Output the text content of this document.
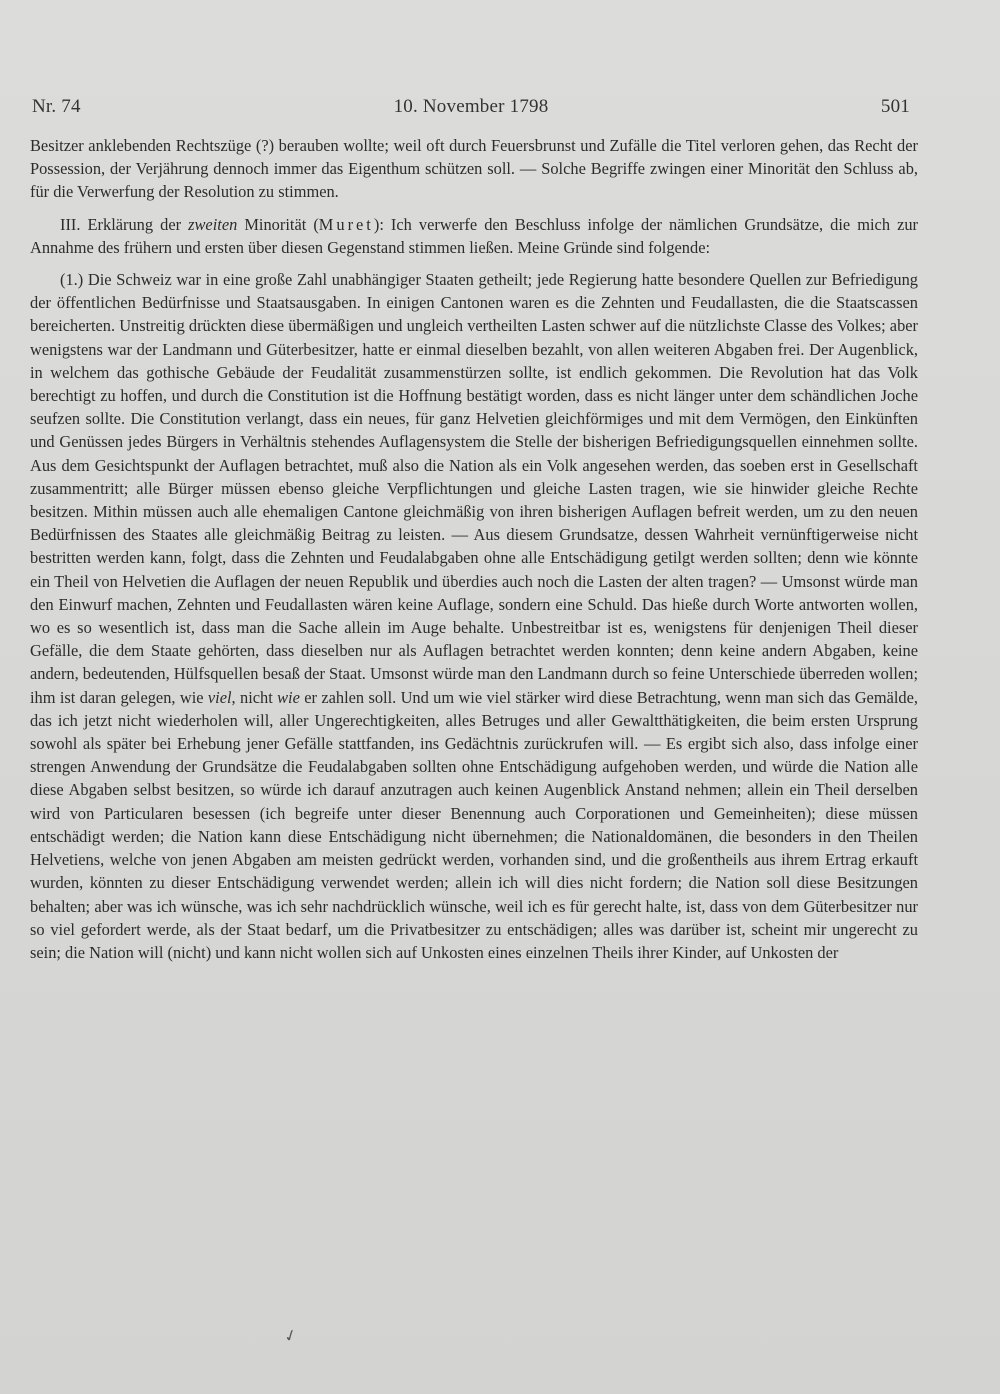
Nr. 74	10. November 1798	501

Besitzer anklebenden Rechtszüge (?) berauben wollte; weil oft durch Feuersbrunst und Zufälle die Titel verloren gehen, das Recht der Possession, der Verjährung dennoch immer das Eigenthum schützen soll. — Solche Begriffe zwingen einer Minorität den Schluss ab, für die Verwerfung der Resolution zu stimmen.

III. Erklärung der zweiten Minorität (Muret): Ich verwerfe den Beschluss infolge der nämlichen Grundsätze, die mich zur Annahme des frühern und ersten über diesen Gegenstand stimmen ließen. Meine Gründe sind folgende:

(1.) Die Schweiz war in eine große Zahl unabhängiger Staaten getheilt; jede Regierung hatte besondere Quellen zur Befriedigung der öffentlichen Bedürfnisse und Staatsausgaben. In einigen Cantonen waren es die Zehnten und Feudallasten, die die Staatscassen bereicherten. Unstreitig drückten diese übermäßigen und ungleich vertheilten Lasten schwer auf die nützlichste Classe des Volkes; aber wenigstens war der Landmann und Güterbesitzer, hatte er einmal dieselben bezahlt, von allen weiteren Abgaben frei. Der Augenblick, in welchem das gothische Gebäude der Feudalität zusammenstürzen sollte, ist endlich gekommen. Die Revolution hat das Volk berechtigt zu hoffen, und durch die Constitution ist die Hoffnung bestätigt worden, dass es nicht länger unter dem schändlichen Joche seufzen sollte. Die Constitution verlangt, dass ein neues, für ganz Helvetien gleichförmiges und mit dem Vermögen, den Einkünften und Genüssen jedes Bürgers in Verhältnis stehendes Auflagensystem die Stelle der bisherigen Befriedigungsquellen einnehmen sollte. Aus dem Gesichtspunkt der Auflagen betrachtet, muß also die Nation als ein Volk angesehen werden, das soeben erst in Gesellschaft zusammentritt; alle Bürger müssen ebenso gleiche Verpflichtungen und gleiche Lasten tragen, wie sie hinwider gleiche Rechte besitzen. Mithin müssen auch alle ehemaligen Cantone gleichmäßig von ihren bisherigen Auflagen befreit werden, um zu den neuen Bedürfnissen des Staates alle gleichmäßig Beitrag zu leisten. — Aus diesem Grundsatze, dessen Wahrheit vernünftigerweise nicht bestritten werden kann, folgt, dass die Zehnten und Feudalabgaben ohne alle Entschädigung getilgt werden sollten; denn wie könnte ein Theil von Helvetien die Auflagen der neuen Republik und überdies auch noch die Lasten der alten tragen? — Umsonst würde man den Einwurf machen, Zehnten und Feudallasten wären keine Auflage, sondern eine Schuld. Das hieße durch Worte antworten wollen, wo es so wesentlich ist, dass man die Sache allein im Auge behalte. Unbestreitbar ist es, wenigstens für denjenigen Theil dieser Gefälle, die dem Staate gehörten, dass dieselben nur als Auflagen betrachtet werden konnten; denn keine andern Abgaben, keine andern, bedeutenden, Hülfsquellen besaß der Staat. Umsonst würde man den Landmann durch so feine Unterschiede überreden wollen; ihm ist daran gelegen, wie viel, nicht wie er zahlen soll. Und um wie viel stärker wird diese Betrachtung, wenn man sich das Gemälde, das ich jetzt nicht wiederholen will, aller Ungerechtigkeiten, alles Betruges und aller Gewaltthätigkeiten, die beim ersten Ursprung sowohl als später bei Erhebung jener Gefälle stattfanden, ins Gedächtnis zurückrufen will. — Es ergibt sich also, dass infolge einer strengen Anwendung der Grundsätze die Feudalabgaben sollten ohne Entschädigung aufgehoben werden, und würde die Nation alle diese Abgaben selbst besitzen, so würde ich darauf anzutragen auch keinen Augenblick Anstand nehmen; allein ein Theil derselben wird von Particularen besessen (ich begreife unter dieser Benennung auch Corporationen und Gemeinheiten); diese müssen entschädigt werden; die Nation kann diese Entschädigung nicht übernehmen; die Nationaldomänen, die besonders in den Theilen Helvetiens, welche von jenen Abgaben am meisten gedrückt werden, vorhanden sind, und die großentheils aus ihrem Ertrag erkauft wurden, könnten zu dieser Entschädigung verwendet werden; allein ich will dies nicht fordern; die Nation soll diese Besitzungen behalten; aber was ich wünsche, was ich sehr nachdrücklich wünsche, weil ich es für gerecht halte, ist, dass von dem Güterbesitzer nur so viel gefordert werde, als der Staat bedarf, um die Privatbesitzer zu entschädigen; alles was darüber ist, scheint mir ungerecht zu sein; die Nation will (nicht) und kann nicht wollen sich auf Unkosten eines einzelnen Theils ihrer Kinder, auf Unkosten der

✓
